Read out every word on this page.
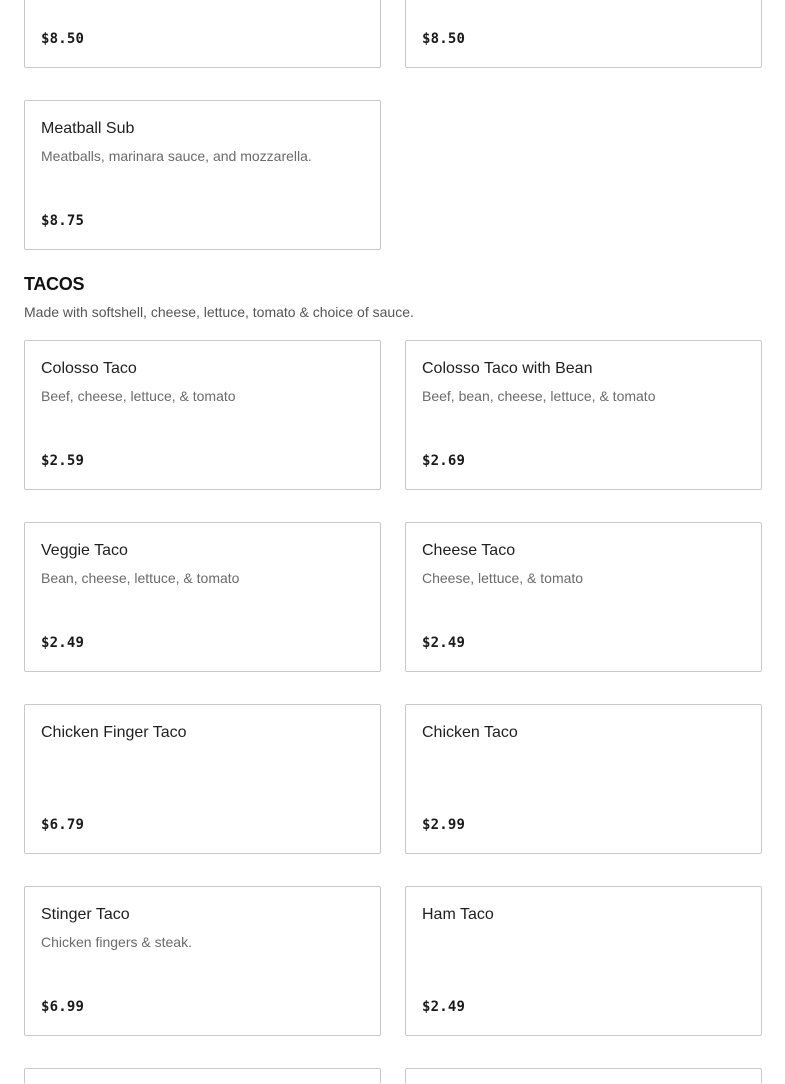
$8.50	$8.50
Meatball Sub
Meatballs, marinara sauce, and mozzarella.
$8.75
TACOS
Made with softshell, cheese, lettuce, tomato & choice of sauce.
Colosso Taco
Beef, cheese, lettuce, & tomato
$2.59
Colosso Taco with Bean
Beef, bean, cheese, lettuce, & tomato
$2.69
Veggie Taco
Bean, cheese, lettuce, & tomato
$2.49
Cheese Taco
Cheese, lettuce, & tomato
$2.49
Chicken Finger Taco
$6.79
Chicken Taco
$2.99
Stinger Taco
Chicken fingers & steak.
$6.99
Ham Taco
$2.49
